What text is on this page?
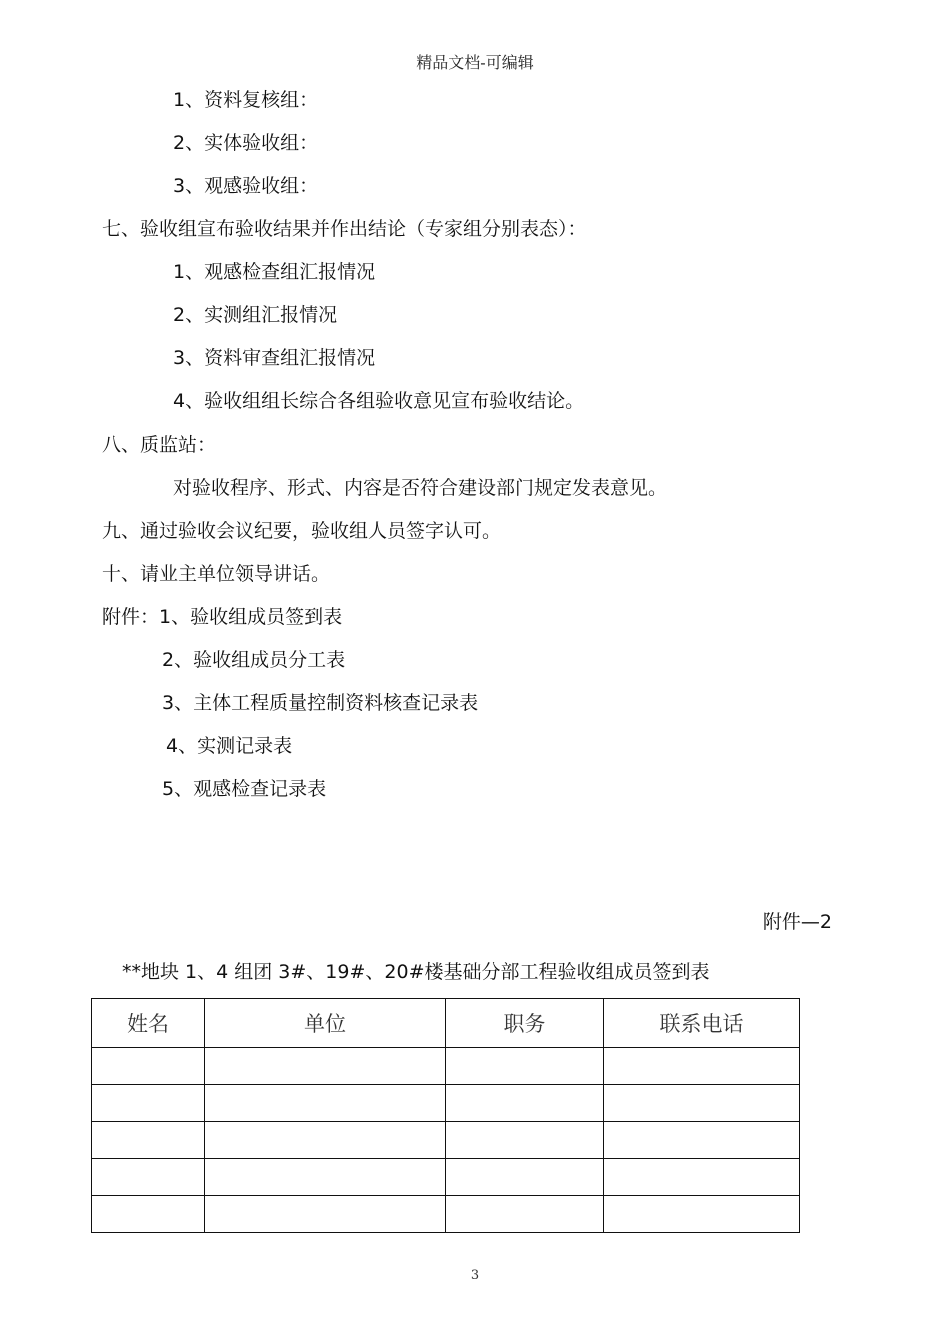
精品文档-可编辑
1、资料复核组：
2、实体验收组：
3、观感验收组：
七、验收组宣布验收结果并作出结论（专家组分别表态）：
1、观感检查组汇报情况
2、实测组汇报情况
3、资料审查组汇报情况
4、验收组组长综合各组验收意见宣布验收结论。
八、质监站：
对验收程序、形式、内容是否符合建设部门规定发表意见。
九、通过验收会议纪要，验收组人员签字认可。
十、请业主单位领导讲话。
附件：1、验收组成员签到表
2、验收组成员分工表
3、主体工程质量控制资料核查记录表
4、实测记录表
5、观感检查记录表
附件—2
**地块 1、4 组团 3#、19#、20#楼基础分部工程验收组成员签到表
姓名	单位	职务	联系电话

3
